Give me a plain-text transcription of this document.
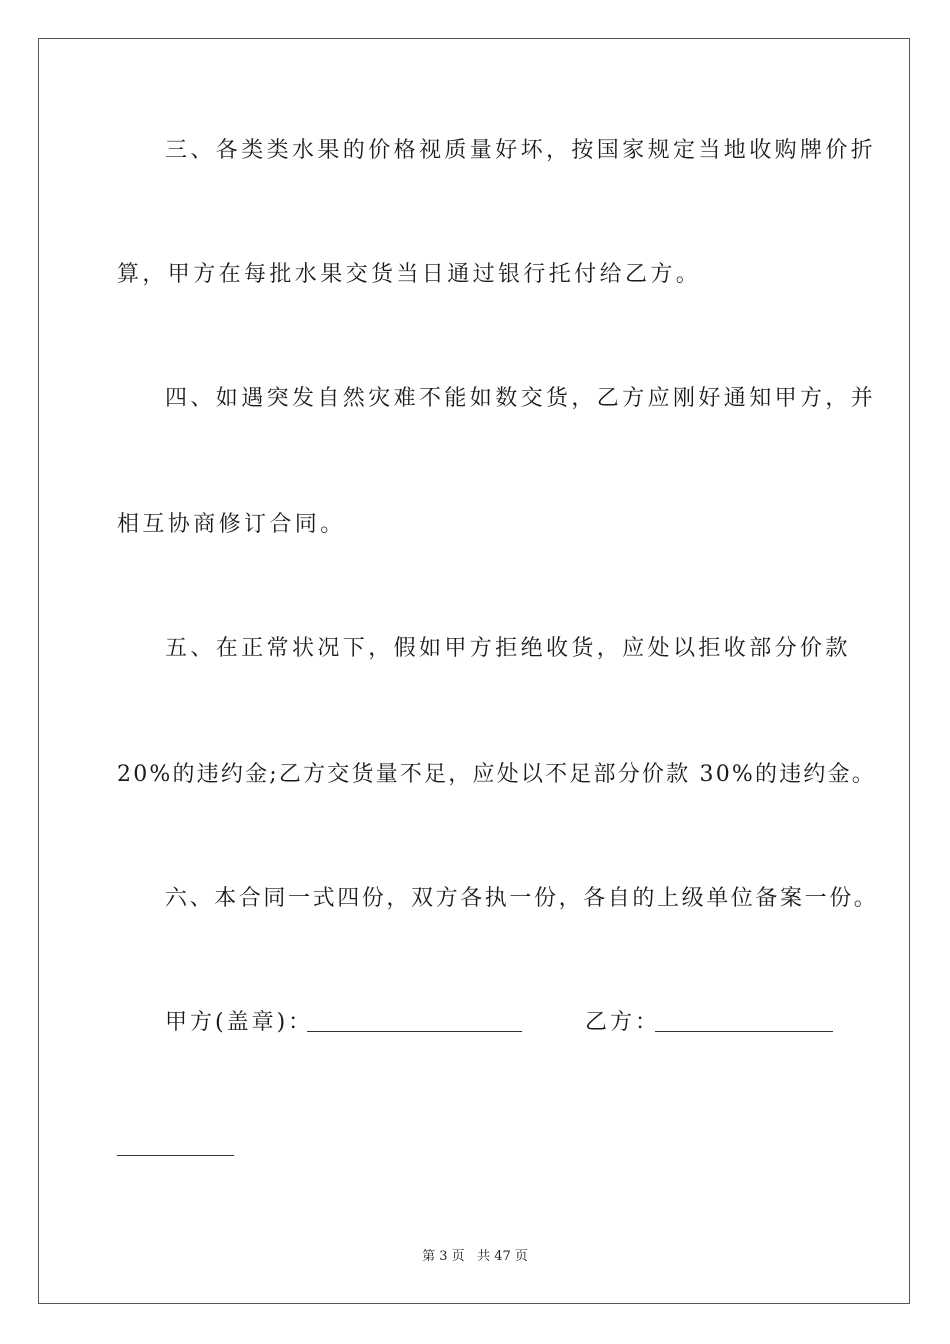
三、各类类水果的价格视质量好坏，按国家规定当地收购牌价折
算，甲方在每批水果交货当日通过银行托付给乙方。
四、如遇突发自然灾难不能如数交货，乙方应刚好通知甲方，并
相互协商修订合同。
五、在正常状况下，假如甲方拒绝收货，应处以拒收部分价款
20%的违约金;乙方交货量不足，应处以不足部分价款 30%的违约金。
六、本合同一式四份，双方各执一份，各自的上级单位备案一份。
甲方(盖章)：	乙方：
第 3 页 共 47 页
